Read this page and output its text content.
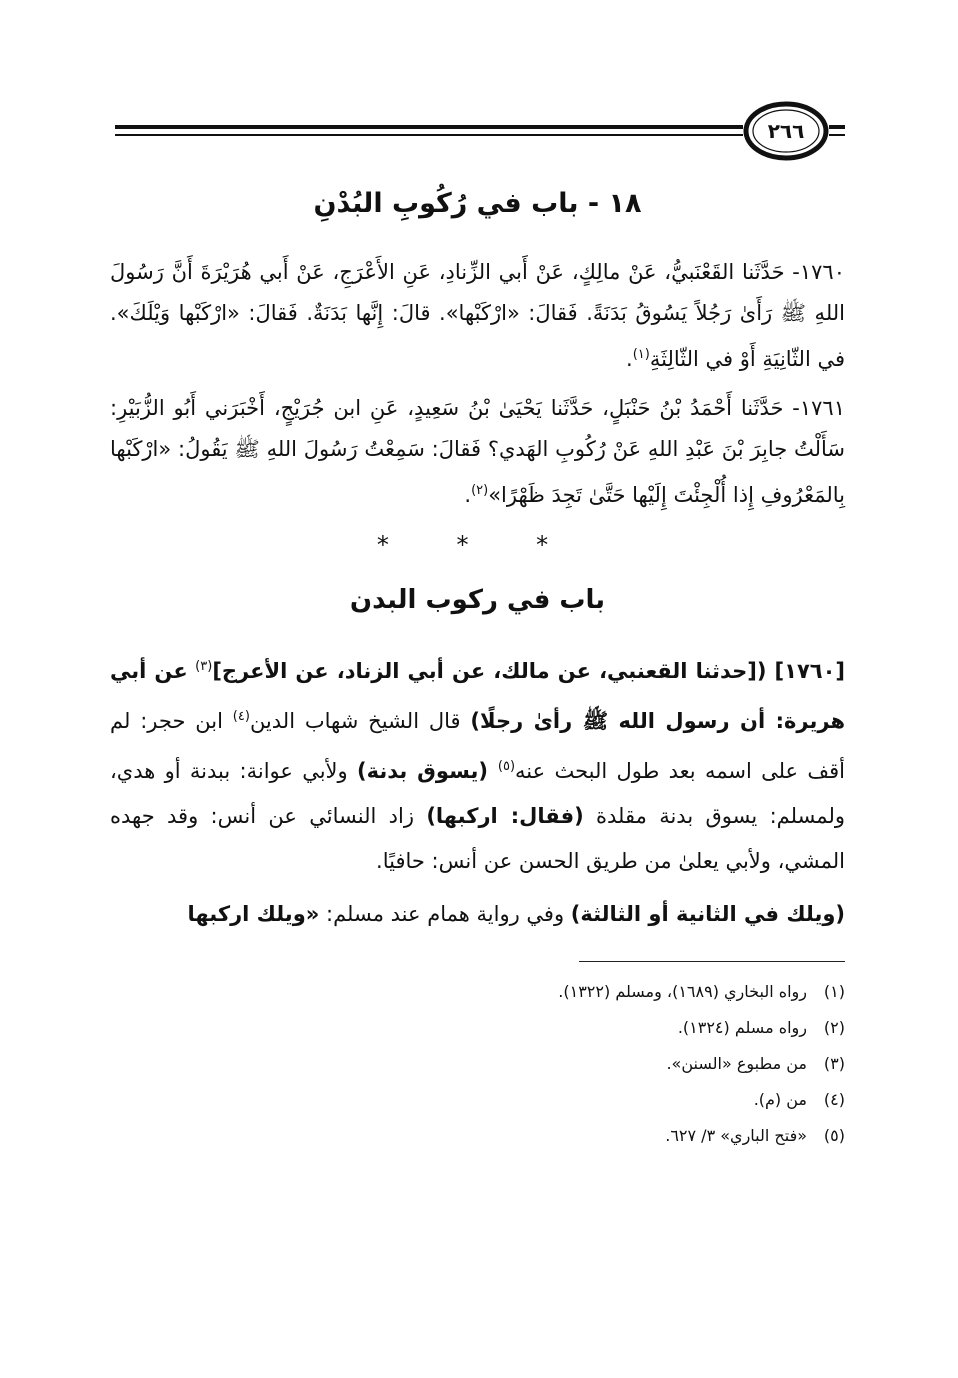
٢٦٦
١٨ - باب في رُكُوبِ البُدْنِ

١٧٦٠- حَدَّثَنا القَعْنَبيُّ، عَنْ مالِكٍ، عَنْ أَبي الزِّنادِ، عَنِ الأَعْرَجِ، عَنْ أَبي هُرَيْرَةَ أَنَّ رَسُولَ اللهِ ﷺ رَأَىٰ رَجُلاً يَسُوقُ بَدَنَةً. فَقالَ: «ارْكَبْها». قالَ: إِنَّها بَدَنَةٌ. فَقالَ: «ارْكَبْها وَيْلَكَ». في الثّانِيَةِ أَوْ في الثّالِثَةِ$^{(١)}$.

١٧٦١- حَدَّثَنا أَحْمَدُ بْنُ حَنْبَلٍ، حَدَّثَنا يَحْيَىٰ بْنُ سَعِيدٍ، عَنِ ابن جُرَيْجٍ، أَخْبَرَني أَبُو الزُّبَيْرِ: سَأَلْتُ جابِرَ بْنَ عَبْدِ اللهِ عَنْ رُكُوبِ الهَدي؟ فَقالَ: سَمِعْتُ رَسُولَ اللهِ ﷺ يَقُولُ: «ارْكَبْها بِالمَعْرُوفِ إِذا أُلْجِئْتَ إِلَيْها حَتَّىٰ تَجِدَ ظَهْرًا»$^{(٢)}$.

* * *
باب في ركوب البدن

[١٧٦٠] ([حدثنا القعنبي، عن مالك، عن أبي الزناد، عن الأعرج]$^{(٣)}$ عن أبي هريرة: أن رسول الله ﷺ رأىٰ رجلًا) قال الشيخ شهاب الدين$^{(٤)}$ ابن حجر: لم أقف على اسمه بعد طول البحث عنه$^{(٥)}$ (يسوق بدنة) ولأبي عوانة: ببدنة أو هدي، ولمسلم: يسوق بدنة مقلدة (فقال: اركبها) زاد النسائي عن أنس: وقد جهده المشي، ولأبي يعلىٰ من طريق الحسن عن أنس: حافيًا.

(ويلك في الثانية أو الثالثة) وفي رواية همام عند مسلم: «ويلك اركبها

(١)رواه البخاري (١٦٨٩)، ومسلم (١٣٢٢).
(٢)رواه مسلم (١٣٢٤).
(٣)من مطبوع «السنن».
(٤)من (م).
(٥)«فتح الباري» ٣/ ٦٢٧.
